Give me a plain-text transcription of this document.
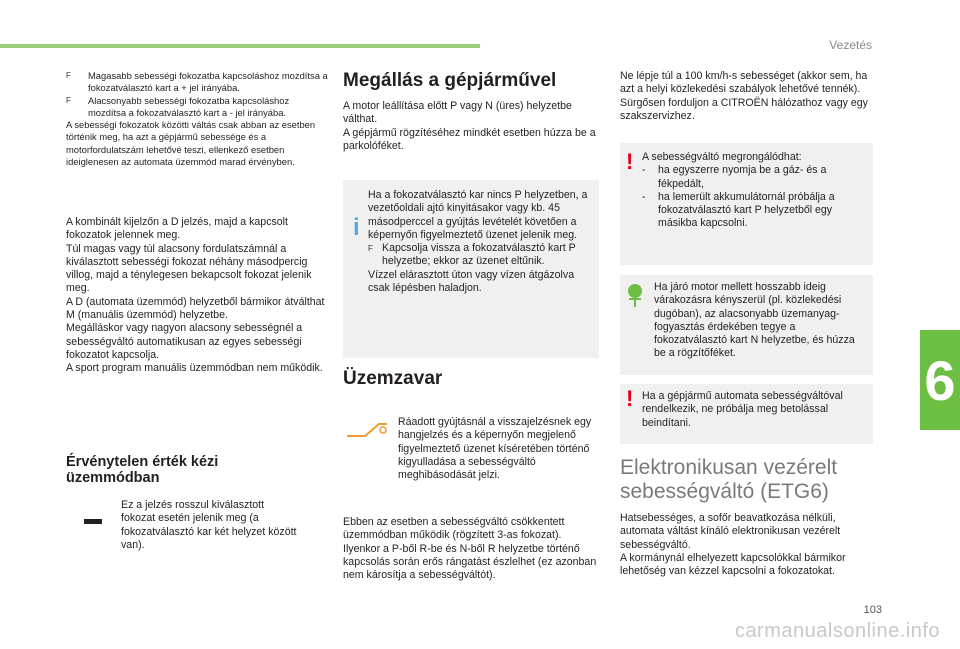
Vezetés
6
103
carmanualsonline.info
F	Magasabb sebességi fokozatba kapcsoláshoz mozdítsa a fokozatválasztó kart a + jel irányába.
F	Alacsonyabb sebességi fokozatba kapcsoláshoz mozdítsa a fokozatválasztó kart a - jel irányába.

A sebességi fokozatok közötti váltás csak abban az esetben történik meg, ha azt a gépjármű sebessége és a motorfordulatszám lehetővé teszi, ellenkező esetben ideiglenesen az automata üzemmód marad érvényben.

A kombinált kijelzőn a D jelzés, majd a kapcsolt fokozatok jelennek meg.

Túl magas vagy túl alacsony fordulatszámnál a kiválasztott sebességi fokozat néhány másodpercig villog, majd a ténylegesen bekapcsolt fokozat jelenik meg.

A D (automata üzemmód) helyzetből bármikor átválthat M (manuális üzemmód) helyzetbe.

Megálláskor vagy nagyon alacsony sebességnél a sebességváltó automatikusan az egyes sebességi fokozatot kapcsolja.

A sport program manuális üzemmódban nem működik.

Érvénytelen érték kézi üzemmódban

Ez a jelzés rosszul kiválasztott fokozat esetén jelenik meg (a fokozatválasztó kar két helyzet között van).

Megállás a gépjárművel

A motor leállítása előtt P vagy N (üres) helyzetbe válthat.

A gépjármű rögzítéséhez mindkét esetben húzza be a parkolóféket.

i

Ha a fokozatválasztó kar nincs P helyzetben, a vezetőoldali ajtó kinyitásakor vagy kb. 45 másodperccel a gyújtás levételét követően a képernyőn figyelmeztető üzenet jelenik meg.

F Kapcsolja vissza a fokozatválasztó kart P helyzetbe; ekkor az üzenet eltűnik.

Vízzel elárasztott úton vagy vízen átgázolva csak lépésben haladjon.

Üzemzavar

Ráadott gyújtásnál a visszajelzésnek egy hangjelzés és a képernyőn megjelenő figyelmeztető üzenet kíséretében történő kigyulladása a sebességváltó meghibásodását jelzi.

Ebben az esetben a sebességváltó csökkentett üzemmódban működik (rögzített 3-as fokozat). Ilyenkor a P-ből R-be és N-ből R helyzetbe történő kapcsolás során erős rángatást észlelhet (ez azonban nem károsítja a sebességváltót).

Ne lépje túl a 100 km/h-s sebességet (akkor sem, ha azt a helyi közlekedési szabályok lehetővé tennék).

Sürgősen forduljon a CITROËN hálózathoz vagy egy szakszervizhez.

! A sebességváltó megrongálódhat:

-	ha egyszerre nyomja be a gáz- és a fékpedált,
-	ha lemerült akkumulátornál próbálja a fokozatválasztó kart P helyzetből egy másikba kapcsolni.

Ha járó motor mellett hosszabb ideig várakozásra kényszerül (pl. közlekedési dugóban), az alacsonyabb üzemanyag-fogyasztás érdekében tegye a fokozatválasztó kart N helyzetbe, és húzza be a rögzítőféket.

! Ha a gépjármű automata sebességváltóval rendelkezik, ne próbálja meg betolással beindítani.

Elektronikusan vezérelt sebességváltó (ETG6)

Hatsebességes, a sofőr beavatkozása nélküli, automata váltást kínáló elektronikusan vezérelt sebességváltó.

A kormánynál elhelyezett kapcsolókkal bármikor lehetőség van kézzel kapcsolni a fokozatokat.
